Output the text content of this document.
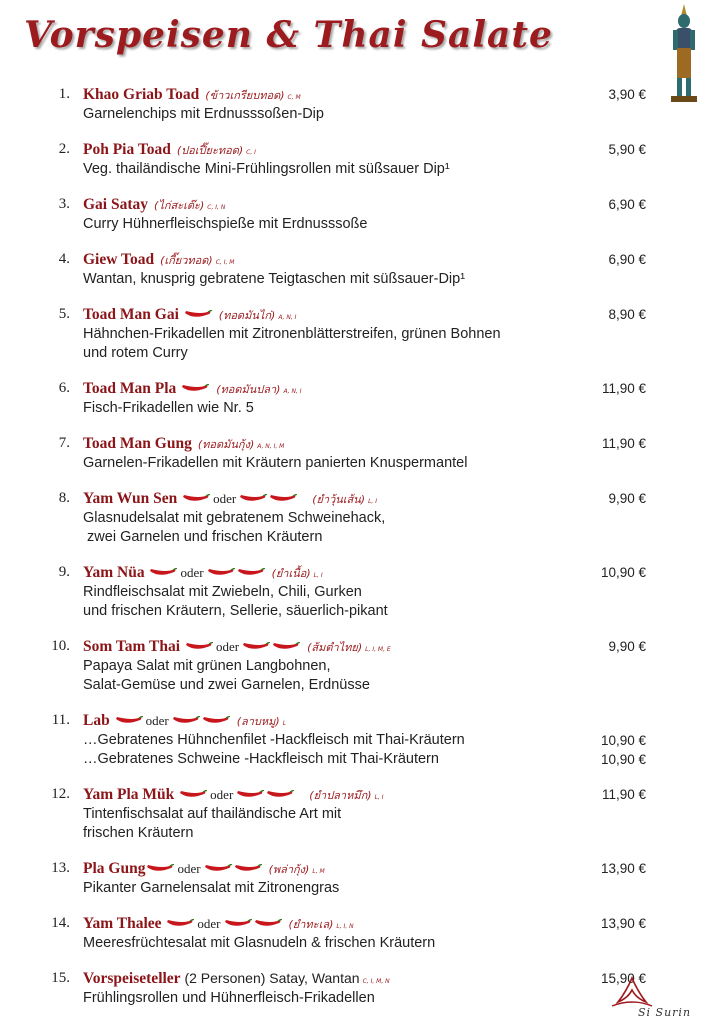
Vorspeisen & Thai Salate
1. Khao Griab Toad (ข้าวเกรียบทอด) C, M	3,90 €
Garnelenchips mit Erdnusssoßen-Dip
2. Poh Pia Toad (ปอเปี๊ยะทอด) C, I	5,90 €
Veg. thailändische Mini-Frühlingsrollen mit süßsauer Dip¹
3. Gai Satay (ไก่สะเต๊ะ) C, I, N	6,90 €
Curry Hühnerfleischspieße mit Erdnusssoße
4. Giew Toad (เกี๊ยวทอด) C, I, M	6,90 €
Wantan, knusprig gebratene Teigtaschen mit süßsauer-Dip¹
5. Toad Man Gai	(ทอดมันไก่) A, N, I	8,90 €
Hähnchen-Frikadellen mit Zitronenblätterstreifen, grünen Bohnen
und rotem Curry
6. Toad Man Pla	(ทอดมันปลา) A, N, I	11,90 €
Fisch-Frikadellen wie Nr. 5
7. Toad Man Gung (ทอดมันกุ้ง) A, N, I, M	11,90 €
Garnelen-Frikadellen mit Kräutern panierten Knuspermantel
8. Yam Wun Sen	oder	(ยำวุ้นเส้น) L, I	9,90 €
Glasnudelsalat mit gebratenem Schweinehack,
zwei Garnelen und frischen Kräutern
9. Yam Nüa	oder	(ยำเนื้อ) L, I	10,90 €
Rindfleischsalat mit Zwiebeln, Chili, Gurken
und frischen Kräutern, Sellerie, säuerlich-pikant
10. Som Tam Thai	oder	(ส้มตำไทย) L, I, M, E	9,90 €
Papaya Salat mit grünen Langbohnen,
Salat-Gemüse und zwei Garnelen, Erdnüsse
11. Lab	oder	(ลาบหมู) L
…Gebratenes Hühnchenfilet -Hackfleisch mit Thai-Kräutern	10,90 €
…Gebratenes Schweine -Hackfleisch mit Thai-Kräutern	10,90 €
12. Yam Pla Mük	oder	(ยำปลาหมึก) L, I	11,90 €
Tintenfischsalat auf thailändische Art mit
frischen Kräutern
13. Pla Gung oder	(พล่ากุ้ง) L, M	13,90 €
Pikanter Garnelensalat mit Zitronengras
14. Yam Thalee	oder	(ยำทะเล) L, I, N	13,90 €
Meeresfrüchtesalat mit Glasnudeln & frischen Kräutern
15. Vorspeiseteller (2 Personen) Satay, Wantan C, I, M, N	15,90 €
Frühlingsrollen und Hühnerfleisch-Frikadellen
Si Surin
